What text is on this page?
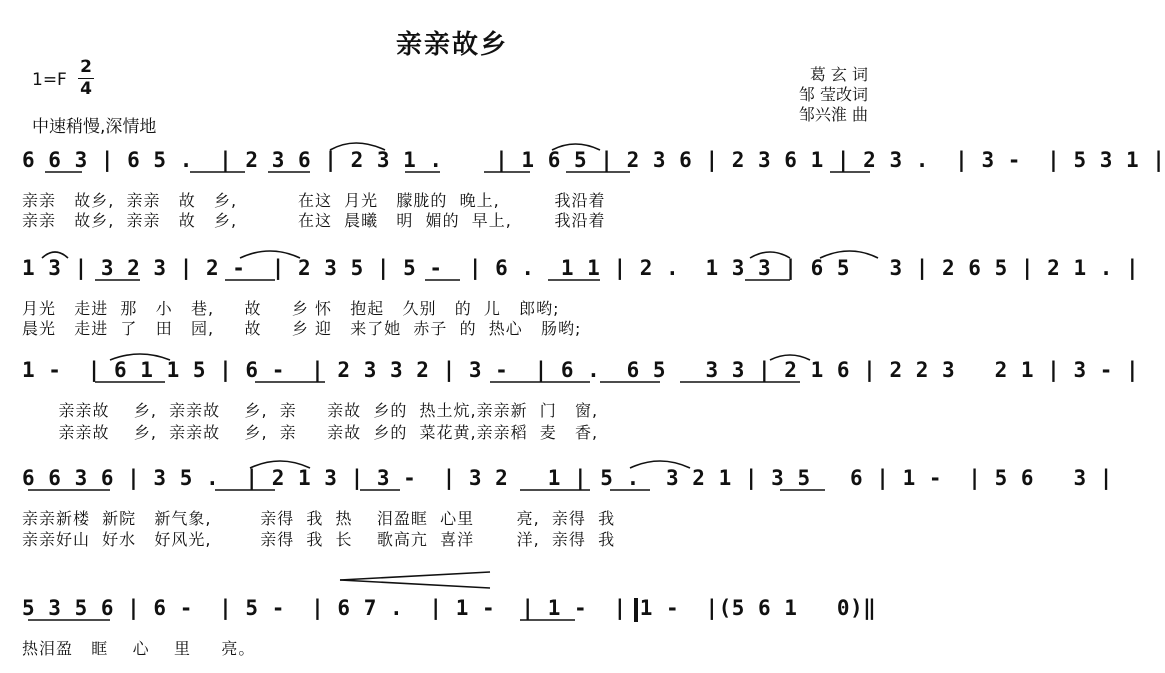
亲亲故乡
1=F
2
4
中速稍慢,深情地
葛 玄 词
邹 莹改词
邹兴淮 曲
6 6 3 | 6 5 .  | 2 3 6 | 2 3 1 .    | 1 6 5 | 2 3 6 | 2 3 6 1 | 2 3 .  | 3 -  | 5 3 1 |
亲亲   故乡,  亲亲   故   乡,          在这  月光   朦胧的  晚上,         我沿着
亲亲   故乡,  亲亲   故   乡,          在这  晨曦   明  媚的  早上,       我沿着
1 3 | 3 2 3 | 2 -  | 2 3 5 | 5 -  | 6 .  1 1 | 2 .  1 3 3 | 6 5   3 | 2 6 5 | 2 1 . |
月光   走进  那   小   巷,     故     乡 怀   抱起   久别   的  儿   郎哟;
晨光   走进  了   田   园,     故     乡 迎   来了她  赤子  的  热心   肠哟;
1 -  | 6 1 1 5 | 6 -  | 2 3 3 2 | 3 -  | 6 .  6 5   3 3 | 2 1 6 | 2 2 3   2 1 | 3 - |
亲亲故    乡,  亲亲故    乡,  亲     亲故  乡的  热土炕,亲亲新  门   窗,
亲亲故    乡,  亲亲故    乡,  亲     亲故  乡的  菜花黄,亲亲稻  麦   香,
6 6 3 6 | 3 5 .  | 2 1 3 | 3 -  | 3 2   1 | 5 .  3 2 1 | 3 5   6 | 1 -  | 5 6   3 |
亲亲新楼  新院   新气象,        亲得  我  热    泪盈眶  心里       亮,  亲得  我
亲亲好山  好水   好风光,        亲得  我  长    歌高亢  喜洋       洋,  亲得  我
5 3 5 6 | 6 -  | 5 -  | 6 7 .  | 1 -  | 1 -  | 1 -  |(5 6 1   0)‖
热泪盈   眶    心    里     亮。
